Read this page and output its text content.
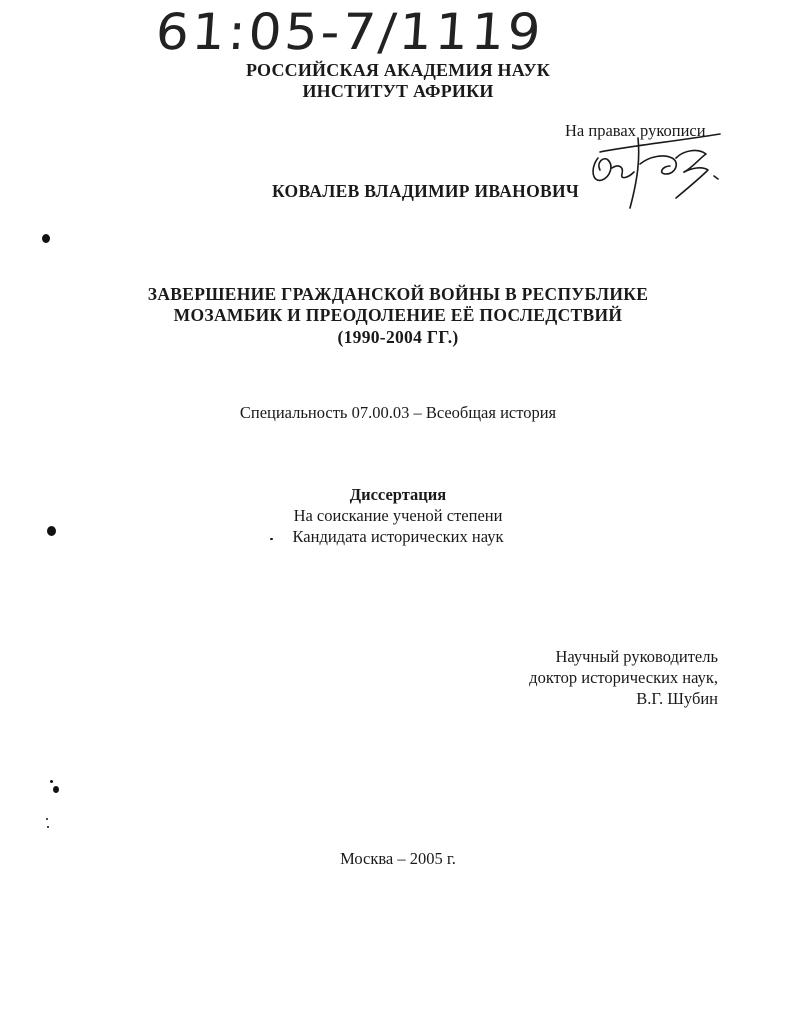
61:05-7/1119
РОССИЙСКАЯ АКАДЕМИЯ НАУК
ИНСТИТУТ АФРИКИ
На правах рукописи
КОВАЛЕВ ВЛАДИМИР ИВАНОВИЧ
ЗАВЕРШЕНИЕ ГРАЖДАНСКОЙ ВОЙНЫ В РЕСПУБЛИКЕ
МОЗАМБИК И ПРЕОДОЛЕНИЕ ЕЁ ПОСЛЕДСТВИЙ
(1990-2004 ГГ.)
Специальность 07.00.03 – Всеобщая история
Диссертация
На соискание ученой степени
Кандидата исторических наук
Научный руководитель
доктор исторических наук,
В.Г. Шубин
Москва – 2005 г.
